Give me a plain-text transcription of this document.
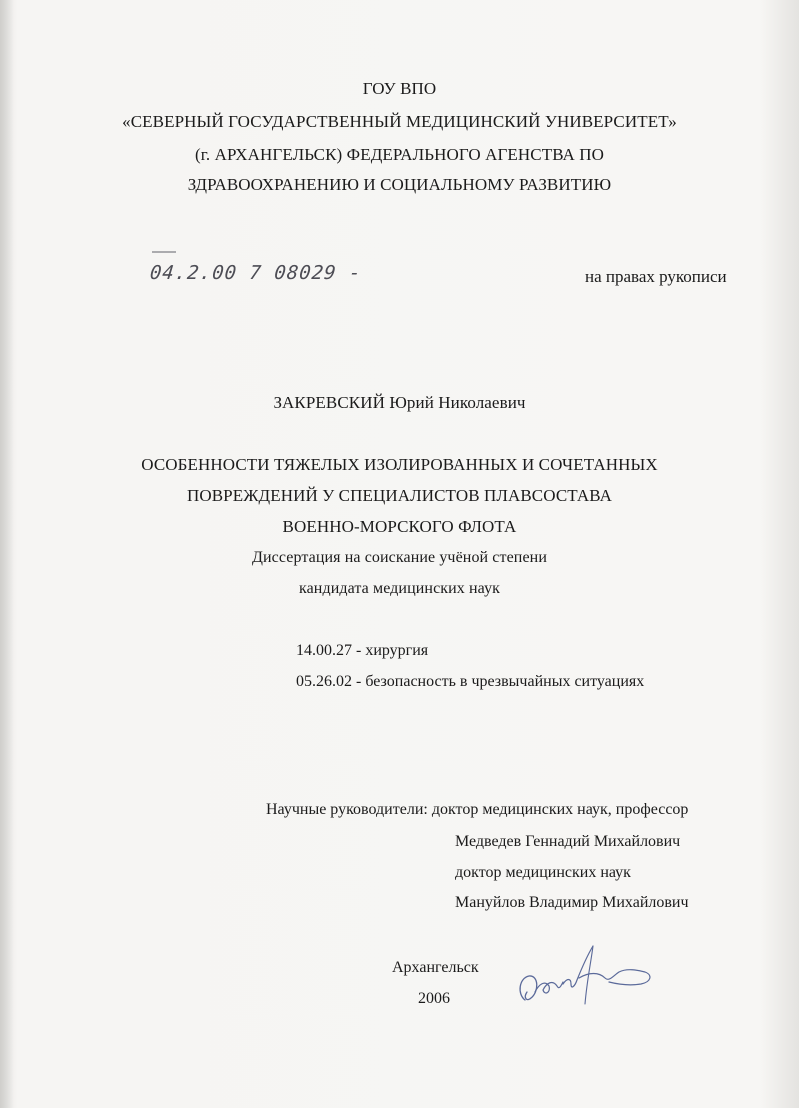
ГОУ ВПО
«СЕВЕРНЫЙ ГОСУДАРСТВЕННЫЙ МЕДИЦИНСКИЙ УНИВЕРСИТЕТ»
(г. АРХАНГЕЛЬСК) ФЕДЕРАЛЬНОГО АГЕНСТВА ПО
ЗДРАВООХРАНЕНИЮ И СОЦИАЛЬНОМУ РАЗВИТИЮ
04.2.00 7 08029 -	на правах рукописи
ЗАКРЕВСКИЙ Юрий Николаевич
ОСОБЕННОСТИ ТЯЖЕЛЫХ ИЗОЛИРОВАННЫХ И СОЧЕТАННЫХ
ПОВРЕЖДЕНИЙ У СПЕЦИАЛИСТОВ ПЛАВСОСТАВА
ВОЕННО-МОРСКОГО ФЛОТА
Диссертация на соискание учёной степени
кандидата медицинских наук
14.00.27 - хирургия
05.26.02 - безопасность в чрезвычайных ситуациях
Научные руководители: доктор медицинских наук, профессор
Медведев Геннадий Михайлович
доктор медицинских наук
Мануйлов Владимир Михайлович
Архангельск
2006
